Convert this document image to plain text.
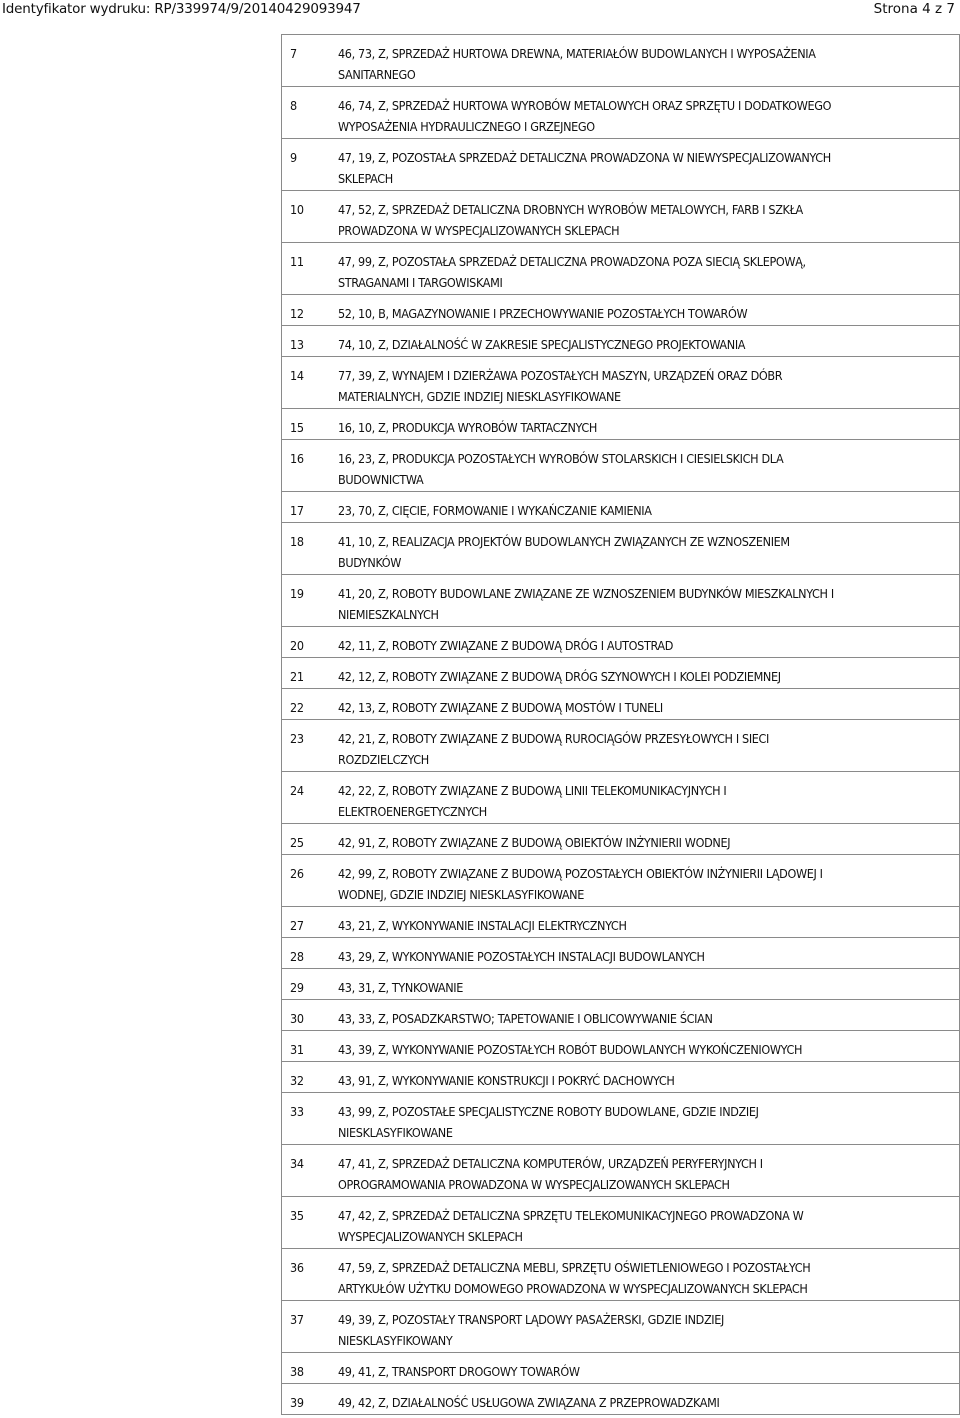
Identyfikator wydruku: RP/339974/9/20140429093947	Strona 4 z 7
7	46, 73, Z, SPRZEDAŻ HURTOWA DREWNA, MATERIAŁÓW BUDOWLANYCH I WYPOSAŻENIA
SANITARNEGO
8	46, 74, Z, SPRZEDAŻ HURTOWA WYROBÓW METALOWYCH ORAZ SPRZĘTU I DODATKOWEGO
WYPOSAŻENIA HYDRAULICZNEGO I GRZEJNEGO
9	47, 19, Z, POZOSTAŁA SPRZEDAŻ DETALICZNA PROWADZONA W NIEWYSPECJALIZOWANYCH
SKLEPACH
10	47, 52, Z, SPRZEDAŻ DETALICZNA DROBNYCH WYROBÓW METALOWYCH, FARB I SZKŁA
PROWADZONA W WYSPECJALIZOWANYCH SKLEPACH
11	47, 99, Z, POZOSTAŁA SPRZEDAŻ DETALICZNA PROWADZONA POZA SIECIĄ SKLEPOWĄ,
STRAGANAMI I TARGOWISKAMI
12	52, 10, B, MAGAZYNOWANIE I PRZECHOWYWANIE POZOSTAŁYCH TOWARÓW
13	74, 10, Z, DZIAŁALNOŚĆ W ZAKRESIE SPECJALISTYCZNEGO PROJEKTOWANIA
14	77, 39, Z, WYNAJEM I DZIERŻAWA POZOSTAŁYCH MASZYN, URZĄDZEŃ ORAZ DÓBR
MATERIALNYCH, GDZIE INDZIEJ NIESKLASYFIKOWANE
15	16, 10, Z, PRODUKCJA WYROBÓW TARTACZNYCH
16	16, 23, Z, PRODUKCJA POZOSTAŁYCH WYROBÓW STOLARSKICH I CIESIELSKICH DLA
BUDOWNICTWA
17	23, 70, Z, CIĘCIE, FORMOWANIE I WYKAŃCZANIE KAMIENIA
18	41, 10, Z, REALIZACJA PROJEKTÓW BUDOWLANYCH ZWIĄZANYCH ZE WZNOSZENIEM
BUDYNKÓW
19	41, 20, Z, ROBOTY BUDOWLANE ZWIĄZANE ZE WZNOSZENIEM BUDYNKÓW MIESZKALNYCH I
NIEMIESZKALNYCH
20	42, 11, Z, ROBOTY ZWIĄZANE Z BUDOWĄ DRÓG I AUTOSTRAD
21	42, 12, Z, ROBOTY ZWIĄZANE Z BUDOWĄ DRÓG SZYNOWYCH I KOLEI PODZIEMNEJ
22	42, 13, Z, ROBOTY ZWIĄZANE Z BUDOWĄ MOSTÓW I TUNELI
23	42, 21, Z, ROBOTY ZWIĄZANE Z BUDOWĄ RUROCIĄGÓW PRZESYŁOWYCH I SIECI
ROZDZIELCZYCH
24	42, 22, Z, ROBOTY ZWIĄZANE Z BUDOWĄ LINII TELEKOMUNIKACYJNYCH I
ELEKTROENERGETYCZNYCH
25	42, 91, Z, ROBOTY ZWIĄZANE Z BUDOWĄ OBIEKTÓW INŻYNIERII WODNEJ
26	42, 99, Z, ROBOTY ZWIĄZANE Z BUDOWĄ POZOSTAŁYCH OBIEKTÓW INŻYNIERII LĄDOWEJ I
WODNEJ, GDZIE INDZIEJ NIESKLASYFIKOWANE
27	43, 21, Z, WYKONYWANIE INSTALACJI ELEKTRYCZNYCH
28	43, 29, Z, WYKONYWANIE POZOSTAŁYCH INSTALACJI BUDOWLANYCH
29	43, 31, Z, TYNKOWANIE
30	43, 33, Z, POSADZKARSTWO; TAPETOWANIE I OBLICOWYWANIE ŚCIAN
31	43, 39, Z, WYKONYWANIE POZOSTAŁYCH ROBÓT BUDOWLANYCH WYKOŃCZENIOWYCH
32	43, 91, Z, WYKONYWANIE KONSTRUKCJI I POKRYĆ DACHOWYCH
33	43, 99, Z, POZOSTAŁE SPECJALISTYCZNE ROBOTY BUDOWLANE, GDZIE INDZIEJ
NIESKLASYFIKOWANE
34	47, 41, Z, SPRZEDAŻ DETALICZNA KOMPUTERÓW, URZĄDZEŃ PERYFERYJNYCH I
OPROGRAMOWANIA PROWADZONA W WYSPECJALIZOWANYCH SKLEPACH
35	47, 42, Z, SPRZEDAŻ DETALICZNA SPRZĘTU TELEKOMUNIKACYJNEGO PROWADZONA W
WYSPECJALIZOWANYCH SKLEPACH
36	47, 59, Z, SPRZEDAŻ DETALICZNA MEBLI, SPRZĘTU OŚWIETLENIOWEGO I POZOSTAŁYCH
ARTYKUŁÓW UŻYTKU DOMOWEGO PROWADZONA W WYSPECJALIZOWANYCH SKLEPACH
37	49, 39, Z, POZOSTAŁY TRANSPORT LĄDOWY PASAŻERSKI, GDZIE INDZIEJ
NIESKLASYFIKOWANY
38	49, 41, Z, TRANSPORT DROGOWY TOWARÓW
39	49, 42, Z, DZIAŁALNOŚĆ USŁUGOWA ZWIĄZANA Z PRZEPROWADZKAMI
